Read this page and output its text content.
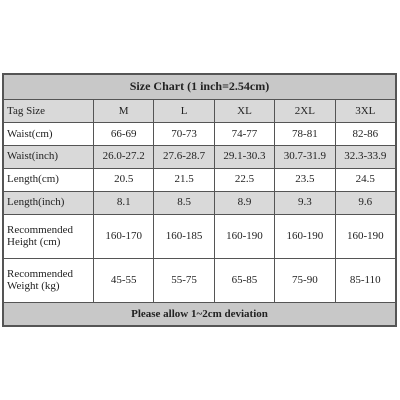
Size Chart (1 inch=2.54cm)					
Tag Size	M	L	XL	2XL	3XL
Waist(cm)	66-69	70-73	74-77	78-81	82-86
Waist(inch)	26.0-27.2	27.6-28.7	29.1-30.3	30.7-31.9	32.3-33.9
Length(cm)	20.5	21.5	22.5	23.5	24.5
Length(inch)	8.1	8.5	8.9	9.3	9.6
Recommended Height (cm)	160-170	160-185	160-190	160-190	160-190
Recommended Weight (kg)	45-55	55-75	65-85	75-90	85-110
Please allow 1~2cm deviation					
